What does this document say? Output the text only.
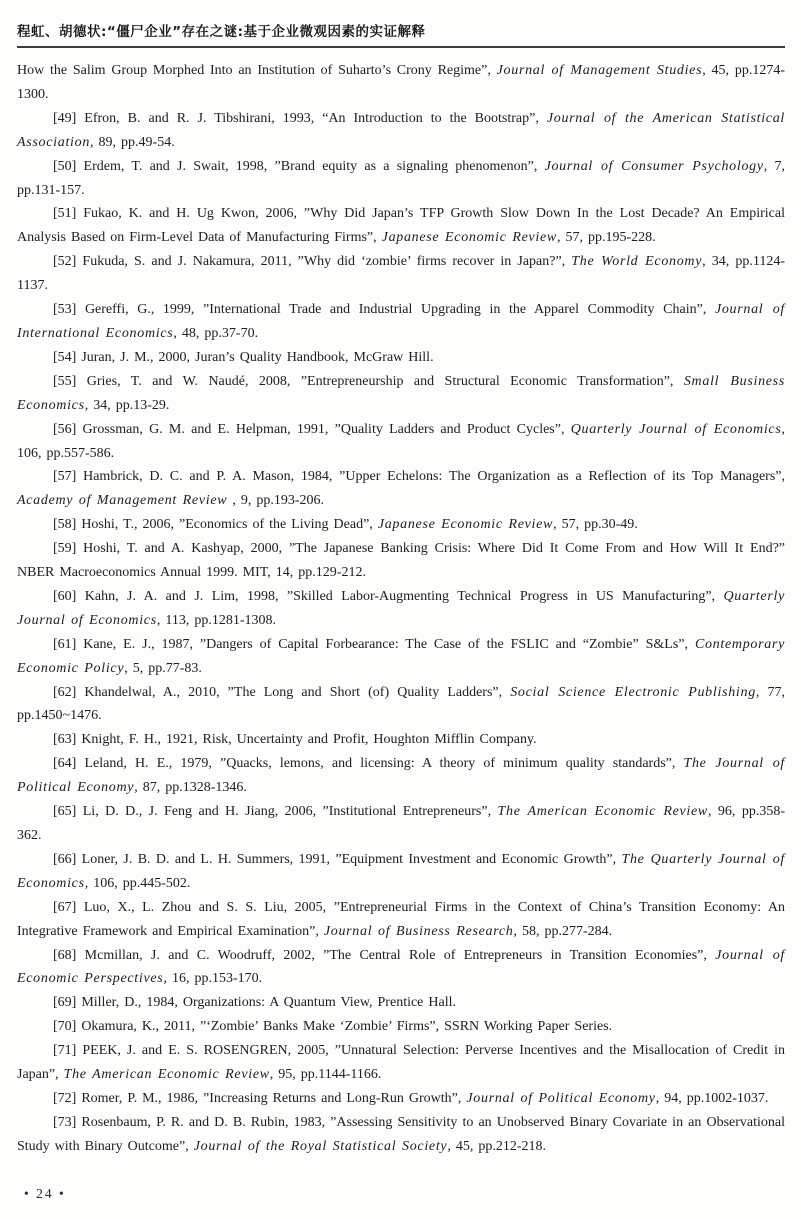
程虹、胡德状:“僵尸企业”存在之谜:基于企业微观因素的实证解释

How the Salim Group Morphed Into an Institution of Suharto’s Crony Regime”, Journal of Management Studies, 45, pp.1274-1300.

[49] Efron, B. and R. J. Tibshirani, 1993, “An Introduction to the Bootstrap”, Journal of the American Statistical Association, 89, pp.49-54.

[50] Erdem, T. and J. Swait, 1998, ”Brand equity as a signaling phenomenon”, Journal of Consumer Psychology, 7, pp.131-157.

[51] Fukao, K. and H. Ug Kwon, 2006, ”Why Did Japan’s TFP Growth Slow Down In the Lost Decade? An Empirical Analysis Based on Firm-Level Data of Manufacturing Firms”, Japanese Economic Review, 57, pp.195-228.

[52] Fukuda, S. and J. Nakamura, 2011, ”Why did ‘zombie’ firms recover in Japan?”, The World Economy, 34, pp.1124-1137.

[53] Gereffi, G., 1999, ”International Trade and Industrial Upgrading in the Apparel Commodity Chain”, Journal of International Economics, 48, pp.37-70.

[54] Juran, J. M., 2000, Juran’s Quality Handbook, McGraw Hill.

[55] Gries, T. and W. Naudé, 2008, ”Entrepreneurship and Structural Economic Transformation”, Small Business Economics, 34, pp.13-29.

[56] Grossman, G. M. and E. Helpman, 1991, ”Quality Ladders and Product Cycles”, Quarterly Journal of Economics, 106, pp.557-586.

[57] Hambrick, D. C. and P. A. Mason, 1984, ”Upper Echelons: The Organization as a Reflection of its Top Managers”, Academy of Management Review , 9, pp.193-206.

[58] Hoshi, T., 2006, ”Economics of the Living Dead”, Japanese Economic Review, 57, pp.30-49.

[59] Hoshi, T. and A. Kashyap, 2000, ”The Japanese Banking Crisis: Where Did It Come From and How Will It End?” NBER Macroeconomics Annual 1999. MIT, 14, pp.129-212.

[60] Kahn, J. A. and J. Lim, 1998, ”Skilled Labor-Augmenting Technical Progress in US Manufacturing”, Quarterly Journal of Economics, 113, pp.1281-1308.

[61] Kane, E. J., 1987, ”Dangers of Capital Forbearance: The Case of the FSLIC and “Zombie” S&Ls”, Contemporary Economic Policy, 5, pp.77-83.

[62] Khandelwal, A., 2010, ”The Long and Short (of) Quality Ladders”, Social Science Electronic Publishing, 77, pp.1450~1476.

[63] Knight, F. H., 1921, Risk, Uncertainty and Profit, Houghton Mifflin Company.

[64] Leland, H. E., 1979, ”Quacks, lemons, and licensing: A theory of minimum quality standards”, The Journal of Political Economy, 87, pp.1328-1346.

[65] Li, D. D., J. Feng and H. Jiang, 2006, ”Institutional Entrepreneurs”, The American Economic Review, 96, pp.358-362.

[66] Loner, J. B. D. and L. H. Summers, 1991, ”Equipment Investment and Economic Growth”, The Quarterly Journal of Economics, 106, pp.445-502.

[67] Luo, X., L. Zhou and S. S. Liu, 2005, ”Entrepreneurial Firms in the Context of China’s Transition Economy: An Integrative Framework and Empirical Examination”, Journal of Business Research, 58, pp.277-284.

[68] Mcmillan, J. and C. Woodruff, 2002, ”The Central Role of Entrepreneurs in Transition Economies”, Journal of Economic Perspectives, 16, pp.153-170.

[69] Miller, D., 1984, Organizations: A Quantum View, Prentice Hall.

[70] Okamura, K., 2011, ”‘Zombie’ Banks Make ‘Zombie’ Firms”, SSRN Working Paper Series.

[71] PEEK, J. and E. S. ROSENGREN, 2005, ”Unnatural Selection: Perverse Incentives and the Misallocation of Credit in Japan”, The American Economic Review, 95, pp.1144-1166.

[72] Romer, P. M., 1986, ”Increasing Returns and Long-Run Growth”, Journal of Political Economy, 94, pp.1002-1037.

[73] Rosenbaum, P. R. and D. B. Rubin, 1983, ”Assessing Sensitivity to an Unobserved Binary Covariate in an Observational Study with Binary Outcome”, Journal of the Royal Statistical Society, 45, pp.212-218.

• 24 •
